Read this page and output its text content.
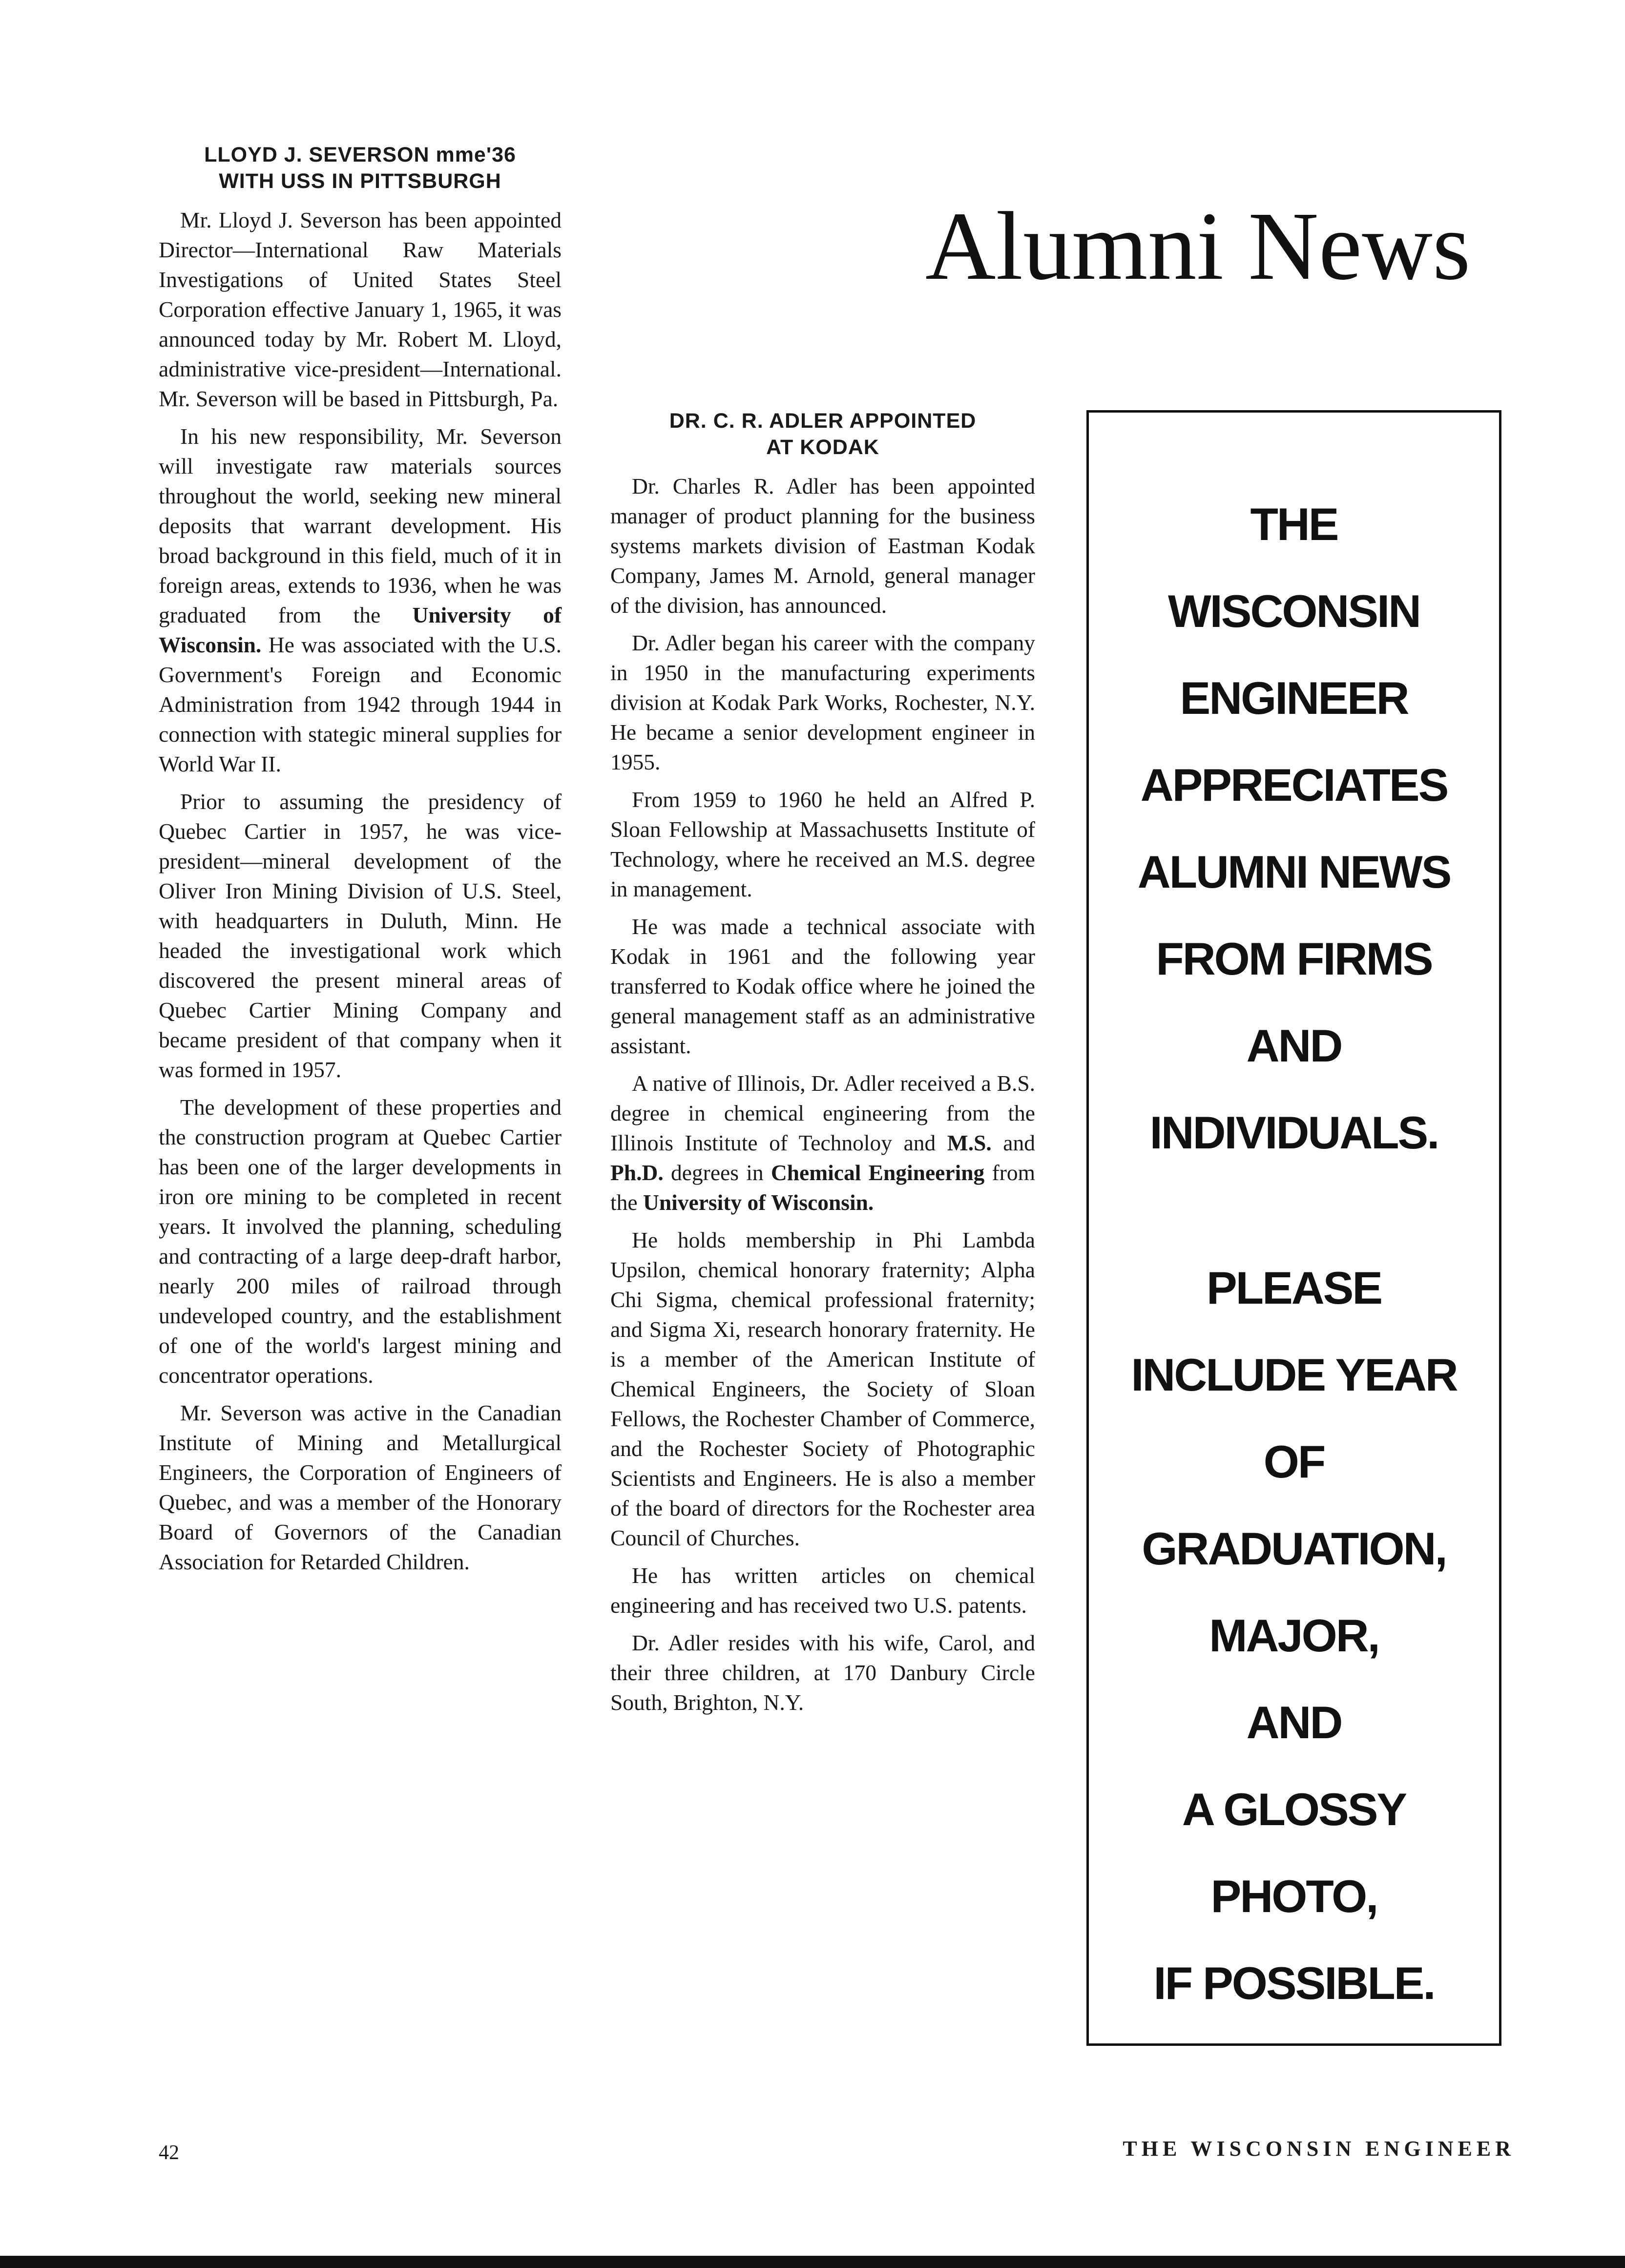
LLOYD J. SEVERSON mme'36
WITH USS IN PITTSBURGH

Mr. Lloyd J. Severson has been appointed Director—International Raw Materials Investigations of United States Steel Corporation effective January 1, 1965, it was announced today by Mr. Robert M. Lloyd, administrative vice-president—International. Mr. Severson will be based in Pittsburgh, Pa.

In his new responsibility, Mr. Severson will investigate raw materials sources throughout the world, seeking new mineral deposits that warrant development. His broad background in this field, much of it in foreign areas, extends to 1936, when he was graduated from the University of Wisconsin. He was associated with the U.S. Government's Foreign and Economic Administration from 1942 through 1944 in connection with stategic mineral supplies for World War II.

Prior to assuming the presidency of Quebec Cartier in 1957, he was vice-president—mineral development of the Oliver Iron Mining Division of U.S. Steel, with headquarters in Duluth, Minn. He headed the investigational work which discovered the present mineral areas of Quebec Cartier Mining Company and became president of that company when it was formed in 1957.

The development of these properties and the construction program at Quebec Cartier has been one of the larger developments in iron ore mining to be completed in recent years. It involved the planning, scheduling and contracting of a large deep-draft harbor, nearly 200 miles of railroad through undeveloped country, and the establishment of one of the world's largest mining and concentrator operations.

Mr. Severson was active in the Canadian Institute of Mining and Metallurgical Engineers, the Corporation of Engineers of Quebec, and was a member of the Honorary Board of Governors of the Canadian Association for Retarded Children.

Alumni News
DR. C. R. ADLER APPOINTED
AT KODAK

Dr. Charles R. Adler has been appointed manager of product planning for the business systems markets division of Eastman Kodak Company, James M. Arnold, general manager of the division, has announced.

Dr. Adler began his career with the company in 1950 in the manufacturing experiments division at Kodak Park Works, Rochester, N.Y. He became a senior development engineer in 1955.

From 1959 to 1960 he held an Alfred P. Sloan Fellowship at Massachusetts Institute of Technology, where he received an M.S. degree in management.

He was made a technical associate with Kodak in 1961 and the following year transferred to Kodak office where he joined the general management staff as an administrative assistant.

A native of Illinois, Dr. Adler received a B.S. degree in chemical engineering from the Illinois Institute of Technoloy and M.S. and Ph.D. degrees in Chemical Engineering from the University of Wisconsin.

He holds membership in Phi Lambda Upsilon, chemical honorary fraternity; Alpha Chi Sigma, chemical professional fraternity; and Sigma Xi, research honorary fraternity. He is a member of the American Institute of Chemical Engineers, the Society of Sloan Fellows, the Rochester Chamber of Commerce, and the Rochester Society of Photographic Scientists and Engineers. He is also a member of the board of directors for the Rochester area Council of Churches.

He has written articles on chemical engineering and has received two U.S. patents.

Dr. Adler resides with his wife, Carol, and their three children, at 170 Danbury Circle South, Brighton, N.Y.

THE
WISCONSIN
ENGINEER
APPRECIATES
ALUMNI NEWS
FROM FIRMS
AND
INDIVIDUALS.
PLEASE
INCLUDE YEAR
OF
GRADUATION,
MAJOR,
AND
A GLOSSY
PHOTO,
IF POSSIBLE.
42	THE WISCONSIN ENGINEER
